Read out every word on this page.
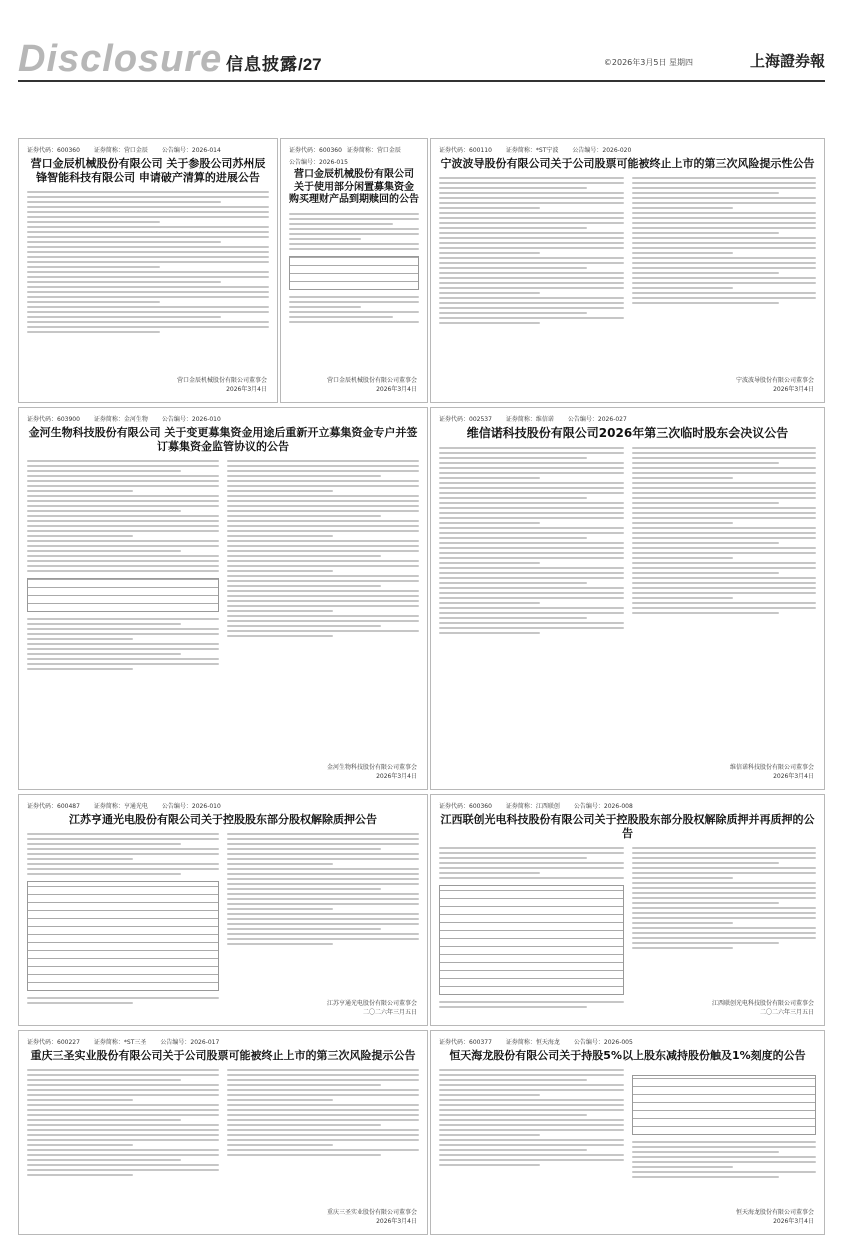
Disclosure 信息披露/27	©2026年3月5日 星期四	上海證券報
证券代码：600360 证券简称：营口金辰 公告编号：2026-014
营口金辰机械股份有限公司 关于参股公司苏州辰锋智能科技有限公司 申请破产清算的进展公告
营口金辰机械股份有限公司董事会
2026年3月4日
证券代码：600360 证券简称：营口金辰
公告编号：2026-015
营口金辰机械股份有限公司 关于使用部分闲置募集资金 购买理财产品到期赎回的公告
营口金辰机械股份有限公司董事会
2026年3月4日
证券代码：600110 证券简称：*ST宁波 公告编号：2026-020
宁波波导股份有限公司关于公司股票可能被终止上市的第三次风险提示性公告
宁波波导股份有限公司董事会
2026年3月4日
证券代码：603900 证券简称：金河生物 公告编号：2026-010
金河生物科技股份有限公司 关于变更募集资金用途后重新开立募集资金专户并签订募集资金监管协议的公告
金河生物科技股份有限公司董事会
2026年3月4日
证券代码：002537 证券简称：维信诺 公告编号：2026-027
维信诺科技股份有限公司2026年第三次临时股东会决议公告
维信诺科技股份有限公司董事会
2026年3月4日
证券代码：600487 证券简称：亨通光电 公告编号：2026-010
江苏亨通光电股份有限公司关于控股股东部分股权解除质押公告
江苏亨通光电股份有限公司董事会
二〇二六年三月五日
证券代码：600360 证券简称：江西联创 公告编号：2026-008
江西联创光电科技股份有限公司关于控股股东部分股权解除质押并再质押的公告
江西联创光电科技股份有限公司董事会
二〇二六年三月五日
证券代码：600227 证券简称：*ST三圣 公告编号：2026-017
重庆三圣实业股份有限公司关于公司股票可能被终止上市的第三次风险提示公告
重庆三圣实业股份有限公司董事会
2026年3月4日
证券代码：600377 证券简称：恒天海龙 公告编号：2026-005
恒天海龙股份有限公司关于持股5%以上股东减持股份触及1%刻度的公告
恒天海龙股份有限公司董事会
2026年3月4日
